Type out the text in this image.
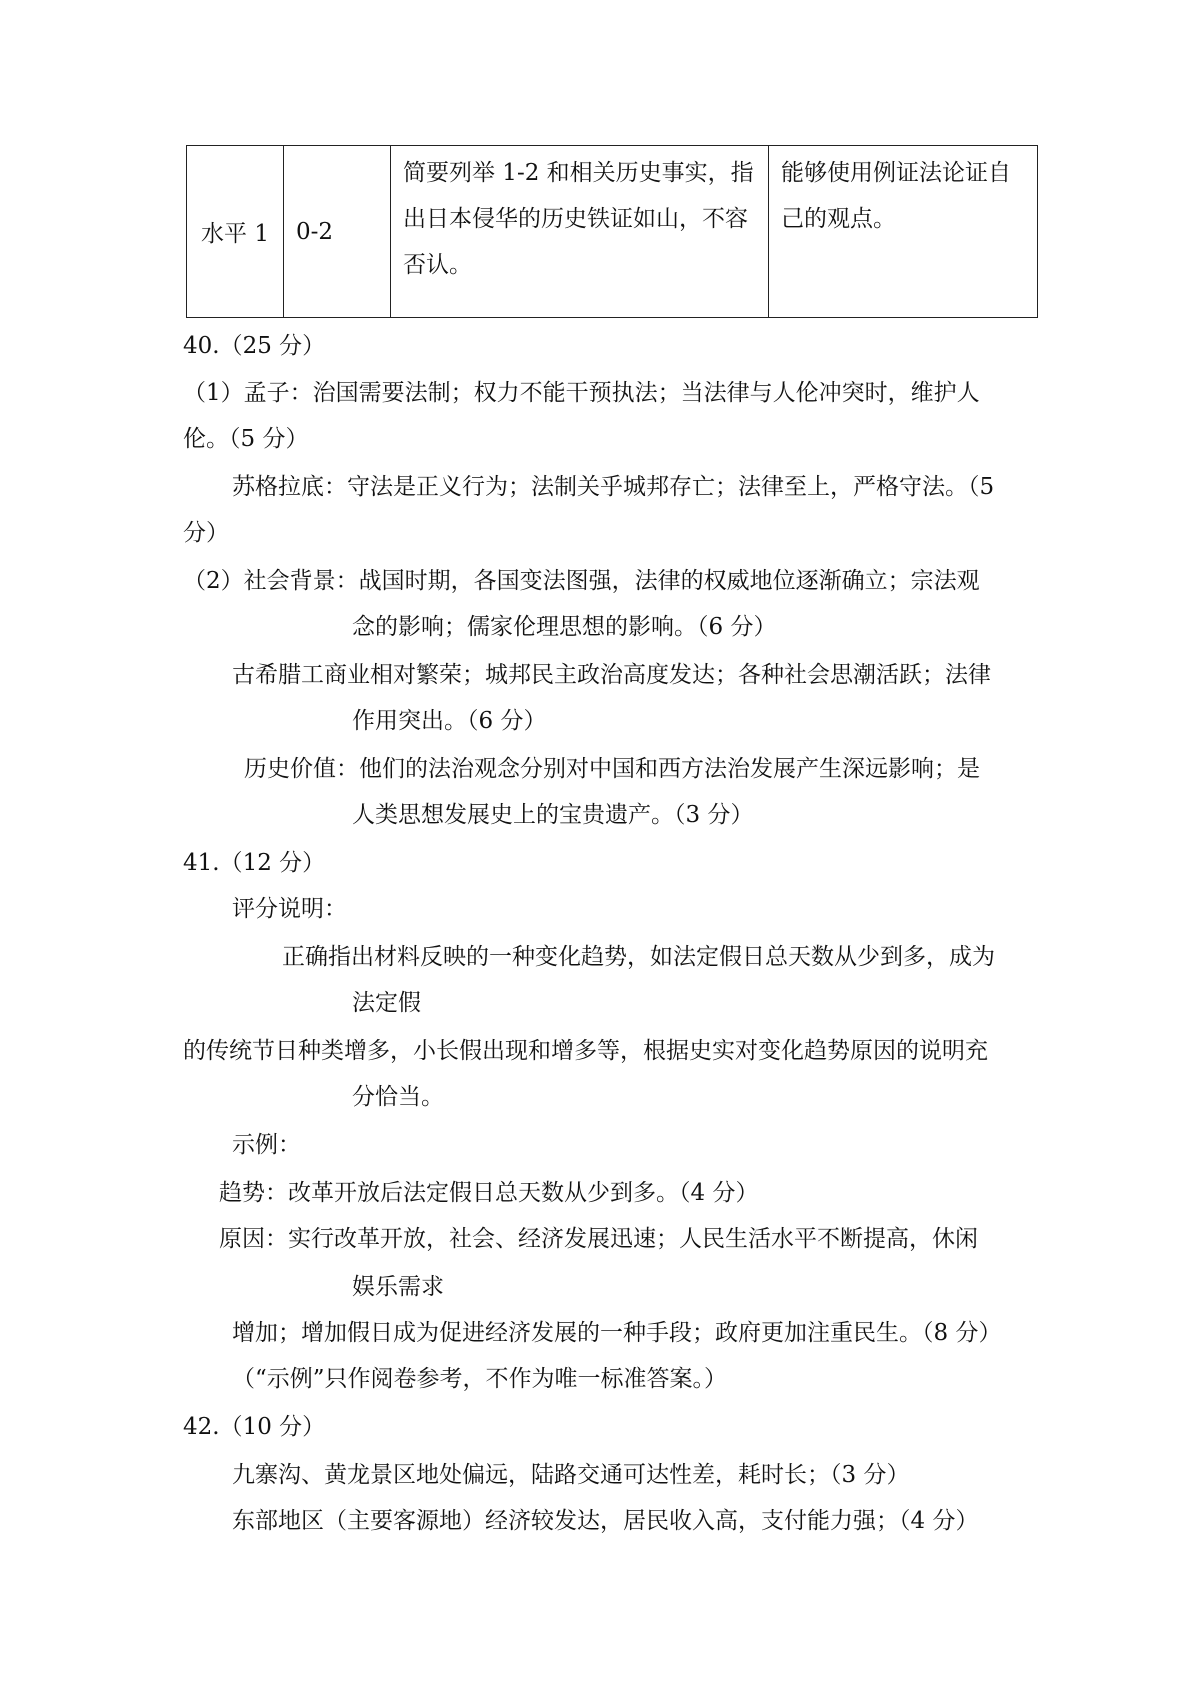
水平 1	0-2	简要列举 1-2 和相关历史事实，指出日本侵华的历史铁证如山，不容否认。	能够使用例证法论证自己的观点。
40.（25 分）
（1）孟子：治国需要法制；权力不能干预执法；当法律与人伦冲突时，维护人
伦。（5 分）
苏格拉底：守法是正义行为；法制关乎城邦存亡；法律至上，严格守法。（5
分）
（2）社会背景：战国时期，各国变法图强，法律的权威地位逐渐确立；宗法观
念的影响；儒家伦理思想的影响。（6 分）
古希腊工商业相对繁荣；城邦民主政治高度发达；各种社会思潮活跃；法律
作用突出。（6 分）
历史价值：他们的法治观念分别对中国和西方法治发展产生深远影响；是
人类思想发展史上的宝贵遗产。（3 分）
41.（12 分）
评分说明：
正确指出材料反映的一种变化趋势，如法定假日总天数从少到多，成为
法定假
的传统节日种类增多，小长假出现和增多等，根据史实对变化趋势原因的说明充
分恰当。
示例：
趋势：改革开放后法定假日总天数从少到多。（4 分）
原因：实行改革开放，社会、经济发展迅速；人民生活水平不断提高，休闲
娱乐需求
增加；增加假日成为促进经济发展的一种手段；政府更加注重民生。（8 分）
（“示例”只作阅卷参考，不作为唯一标准答案。）
42.（10 分）
九寨沟、黄龙景区地处偏远，陆路交通可达性差，耗时长；（3 分）
东部地区（主要客源地）经济较发达，居民收入高，支付能力强；（4 分）
